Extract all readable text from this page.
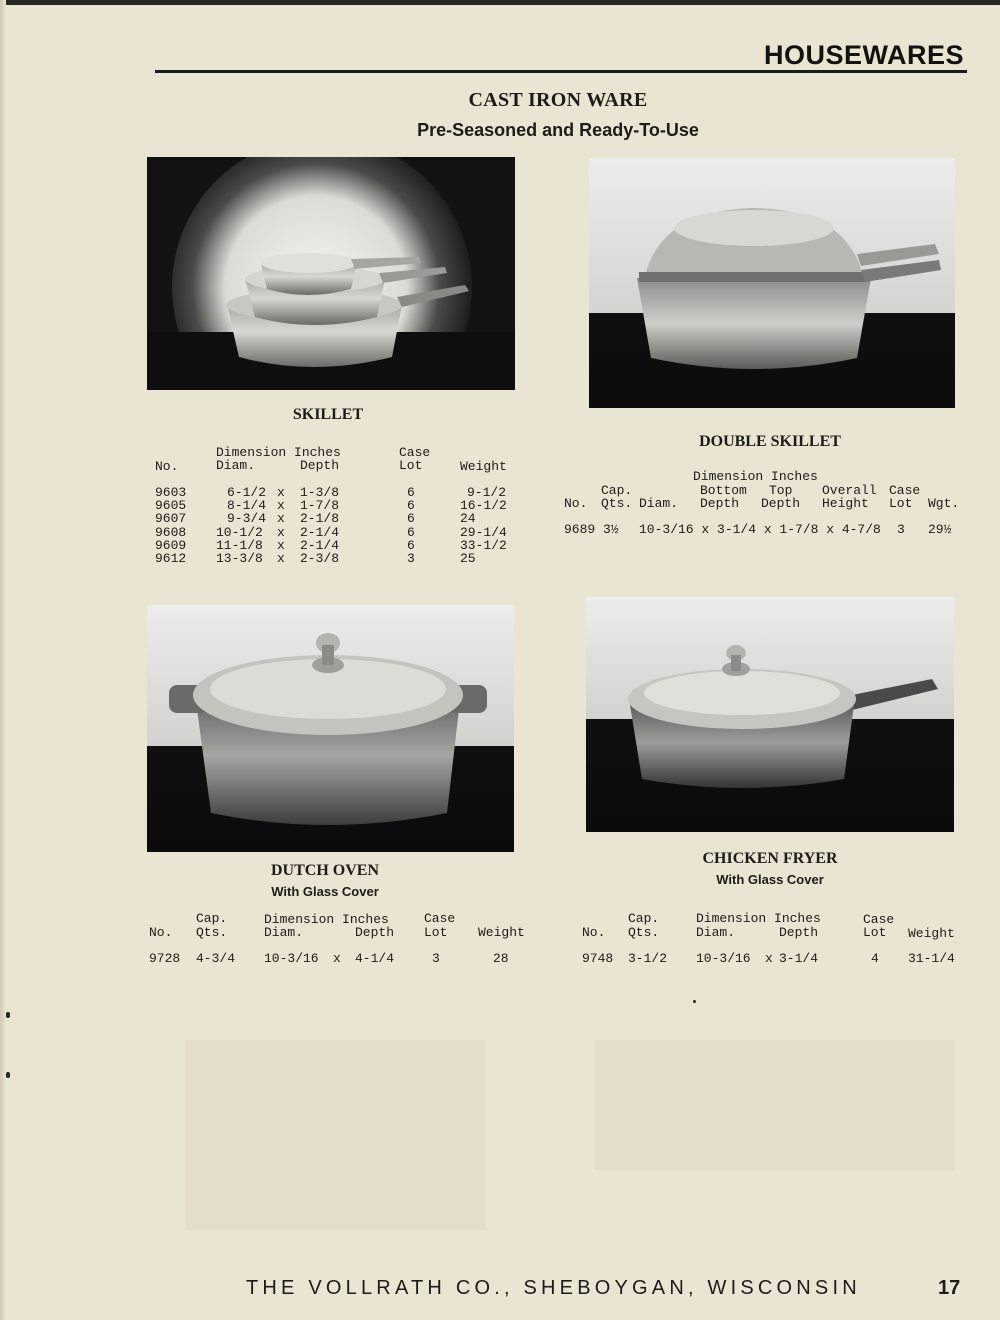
HOUSEWARES
CAST IRON WARE
Pre-Seasoned and Ready-To-Use
SKILLET
Dimension Inches	Case
No.	Diam.	Depth	Lot	Weight
9603	6-1/2 x 1-3/8	6	9-1/2
9605	8-1/4 x 1-7/8	6	16-1/2
9607	9-3/4 x 2-1/8	6	24
9608 10-1/2 x 2-1/4	6	29-1/4
9609 11-1/8 x 2-1/4	6	33-1/2
9612 13-3/8 x 2-3/8	3	25
DOUBLE SKILLET
Dimension Inches
Cap.	Bottom Top Overall Case
No. Qts. Diam. Depth Depth Height Lot Wgt.
9689 3½ 10-3/16 x 3-1/4 x 1-7/8 x 4-7/8 3 29½
DUTCH OVEN
With Glass Cover
Cap.	Dimension Inches	Case
No. Qts.	Diam.	Depth Lot Weight
9728 4-3/4 10-3/16 x 4-1/4	3	28
CHICKEN FRYER
With Glass Cover
Cap.	Dimension Inches	Case
No. Qts.	Diam.	Depth	Lot Weight
9748 3-1/2 10-3/16 x 3-1/4	4 31-1/4
THE VOLLRATH CO., SHEBOYGAN, WISCONSIN	17
